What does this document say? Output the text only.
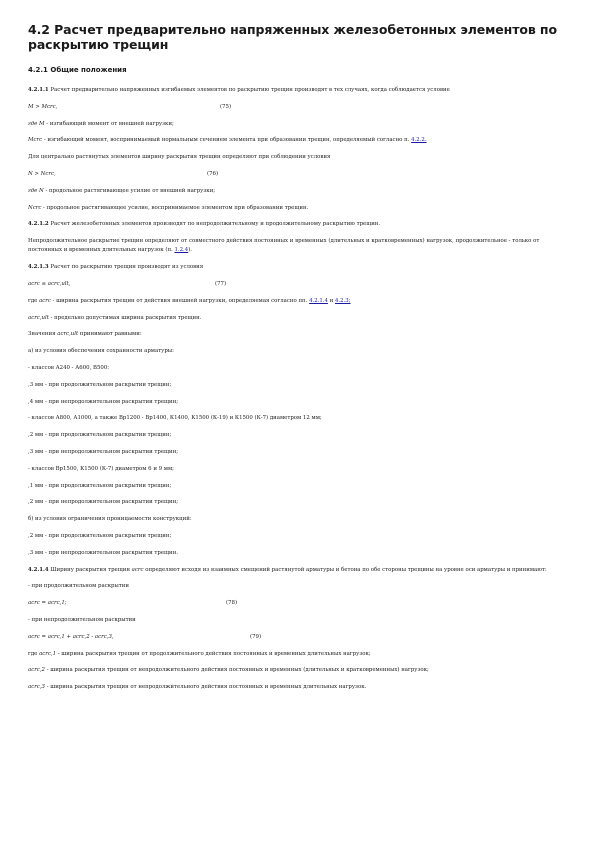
4.2 Расчет предварительно напряженных железобетонных элементов по раскрытию трещин
4.2.1 Общие положения

4.2.1.1 Расчет предварительно напряженных изгибаемых элементов по раскрытию трещин производят в тех случаях, когда соблюдается условие

M > Mcrc,	(75)

где M - изгибающий момент от внешней нагрузки;

Mcrc - изгибающий момент, воспринимаемый нормальным сечением элемента при образовании трещин, определяемый согласно п. 4.2.2.

Для центрально растянутых элементов ширину раскрытия трещин определяют при соблюдении условия

N > Ncrc,	(76)

где N - продольное растягивающее усилие от внешней нагрузки;

Ncrc - продольное растягивающее усилие, воспринимаемое элементом при образовании трещин.

4.2.1.2 Расчет железобетонных элементов производят по непродолжительному и продолжительному раскрытию трещин.

Непродолжительное раскрытие трещин определяют от совместного действия постоянных и временных (длительных и кратковременных) нагрузок, продолжительное - только от постоянных и временных длительных нагрузок (п. 1.2.4).

4.2.1.3 Расчет по раскрытию трещин производят из условия

acrc ≤ acrc,ult,	(77)

где acrc - ширина раскрытия трещин от действия внешней нагрузки, определяемая согласно пп. 4.2.1.4 и 4.2.3;

acrc,ult - предельно допустимая ширина раскрытия трещин.

Значения acrc,ult принимают равными:

а) из условия обеспечения сохранности арматуры:

- классов А240 - А600, В500:

,3 мм - при продолжительном раскрытии трещин;

,4 мм - при непродолжительном раскрытии трещин;

- классов А800, А1000, а также Вр1200 - Вр1400, К1400, К1500 (К-19) и К1500 (К-7) диаметром 12 мм;

,2 мм - при продолжительном раскрытии трещин;

,3 мм - при непродолжительном раскрытии трещин;

- классов Вр1500, К1500 (К-7) диаметром 6 и 9 мм;

,1 мм - при продолжительном раскрытии трещин;

,2 мм - при непродолжительном раскрытии трещин;

б) из условия ограничения проницаемости конструкций:

,2 мм - при продолжительном раскрытии трещин;

,3 мм - при непродолжительном раскрытии трещин.

4.2.1.4 Ширину раскрытия трещин acrc определяют исходя из взаимных смещений растянутой арматуры и бетона по обе стороны трещины на уровне оси арматуры и принимают:

- при продолжительном раскрытии

acrc = acrc,1;	(78)

- при непродолжительном раскрытии

acrc = acrc,1 + acrc,2 - acrc,3,	(79)

где acrc,1 - ширина раскрытия трещин от продолжительного действия постоянных и временных длительных нагрузок;

acrc,2 - ширина раскрытия трещин от непродолжительного действия постоянных и временных (длительных и кратковременных) нагрузок;

acrc,3 - ширина раскрытия трещин от непродолжительного действия постоянных и временных длительных нагрузок.
